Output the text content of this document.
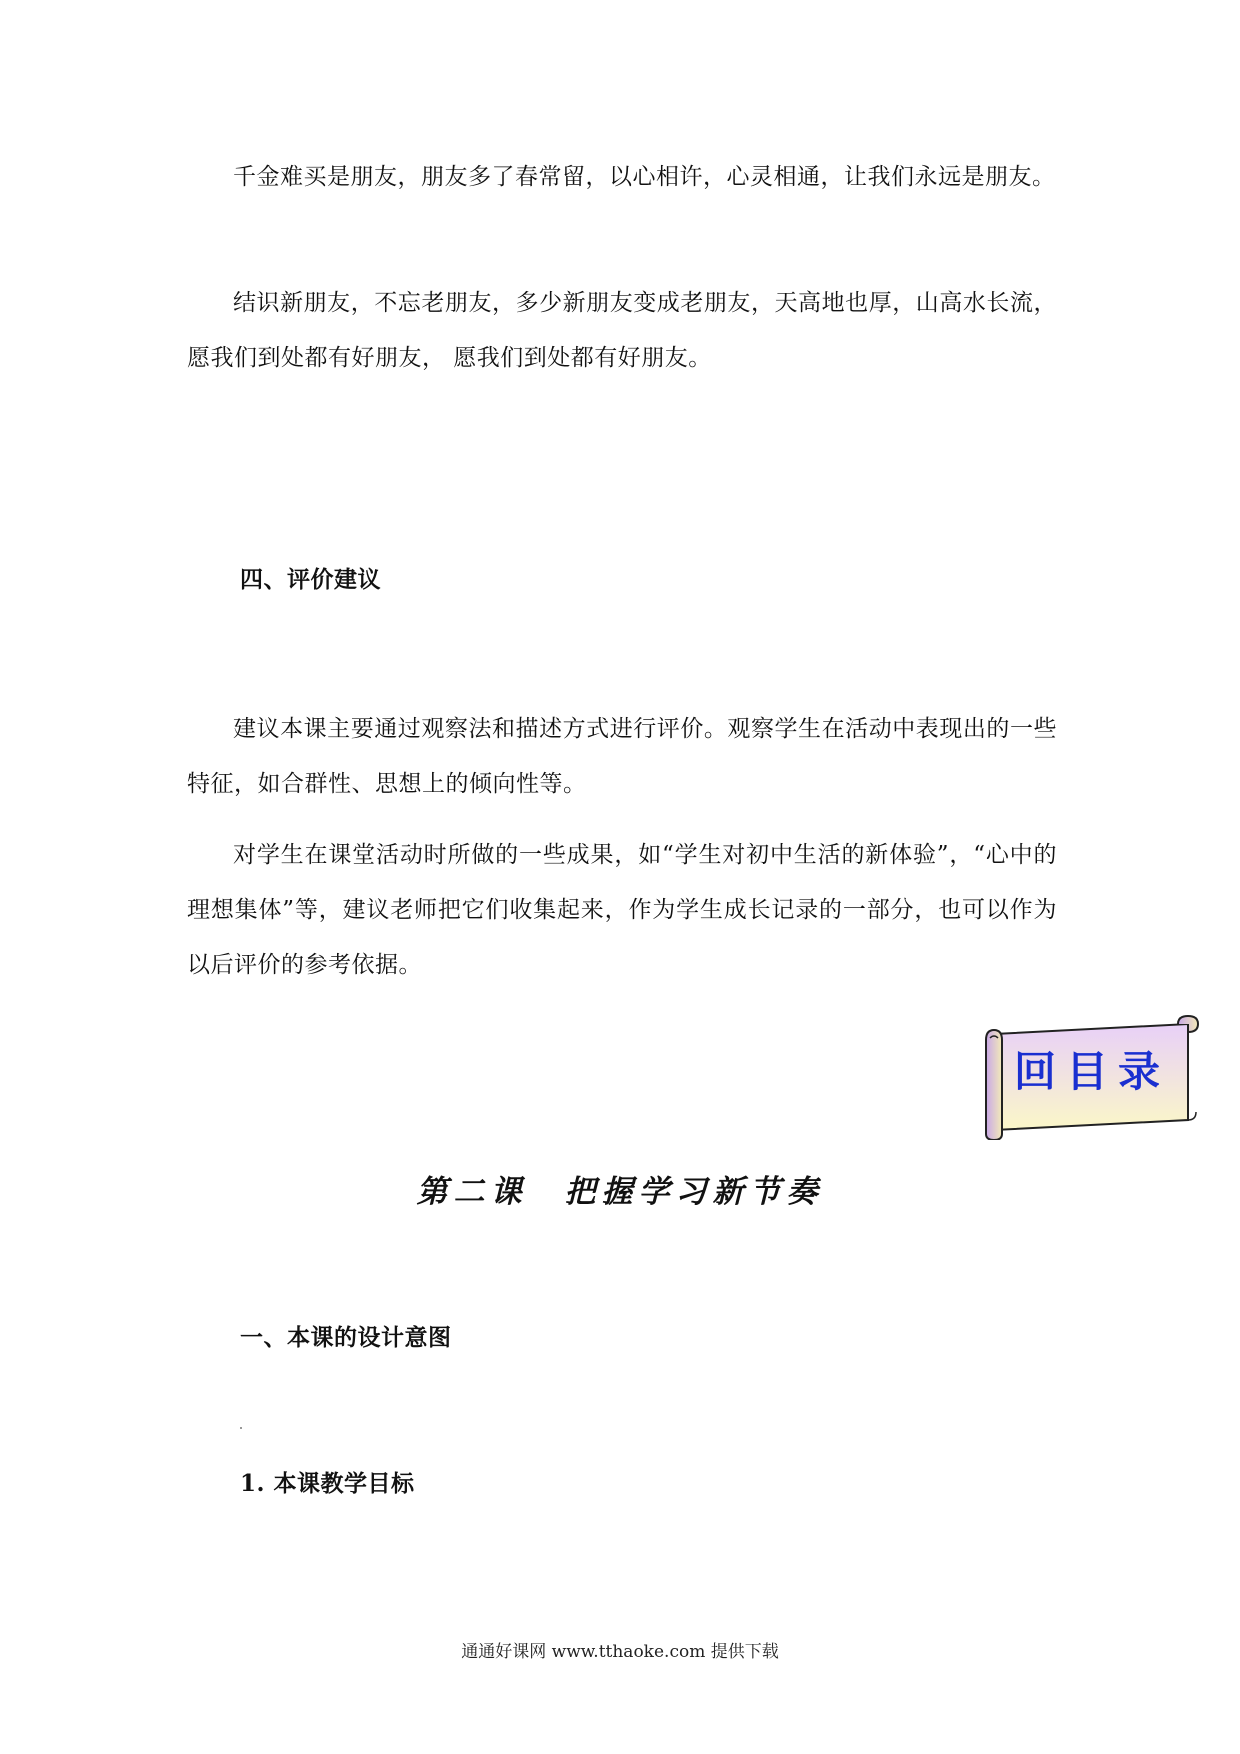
千金难买是朋友，朋友多了春常留，以心相许，心灵相通，让我们永远是朋友。

结识新朋友，不忘老朋友，多少新朋友变成老朋友，天高地也厚，山高水长流，愿我们到处都有好朋友， 愿我们到处都有好朋友。

四、评价建议

建议本课主要通过观察法和描述方式进行评价。观察学生在活动中表现出的一些特征，如合群性、思想上的倾向性等。

对学生在课堂活动时所做的一些成果，如“学生对初中生活的新体验”，“心中的理想集体”等，建议老师把它们收集起来，作为学生成长记录的一部分，也可以作为以后评价的参考依据。

回目录
第二课　把握学习新节奏
一、本课的设计意图
1. 本课教学目标

通通好课网 www.tthaoke.com 提供下载
